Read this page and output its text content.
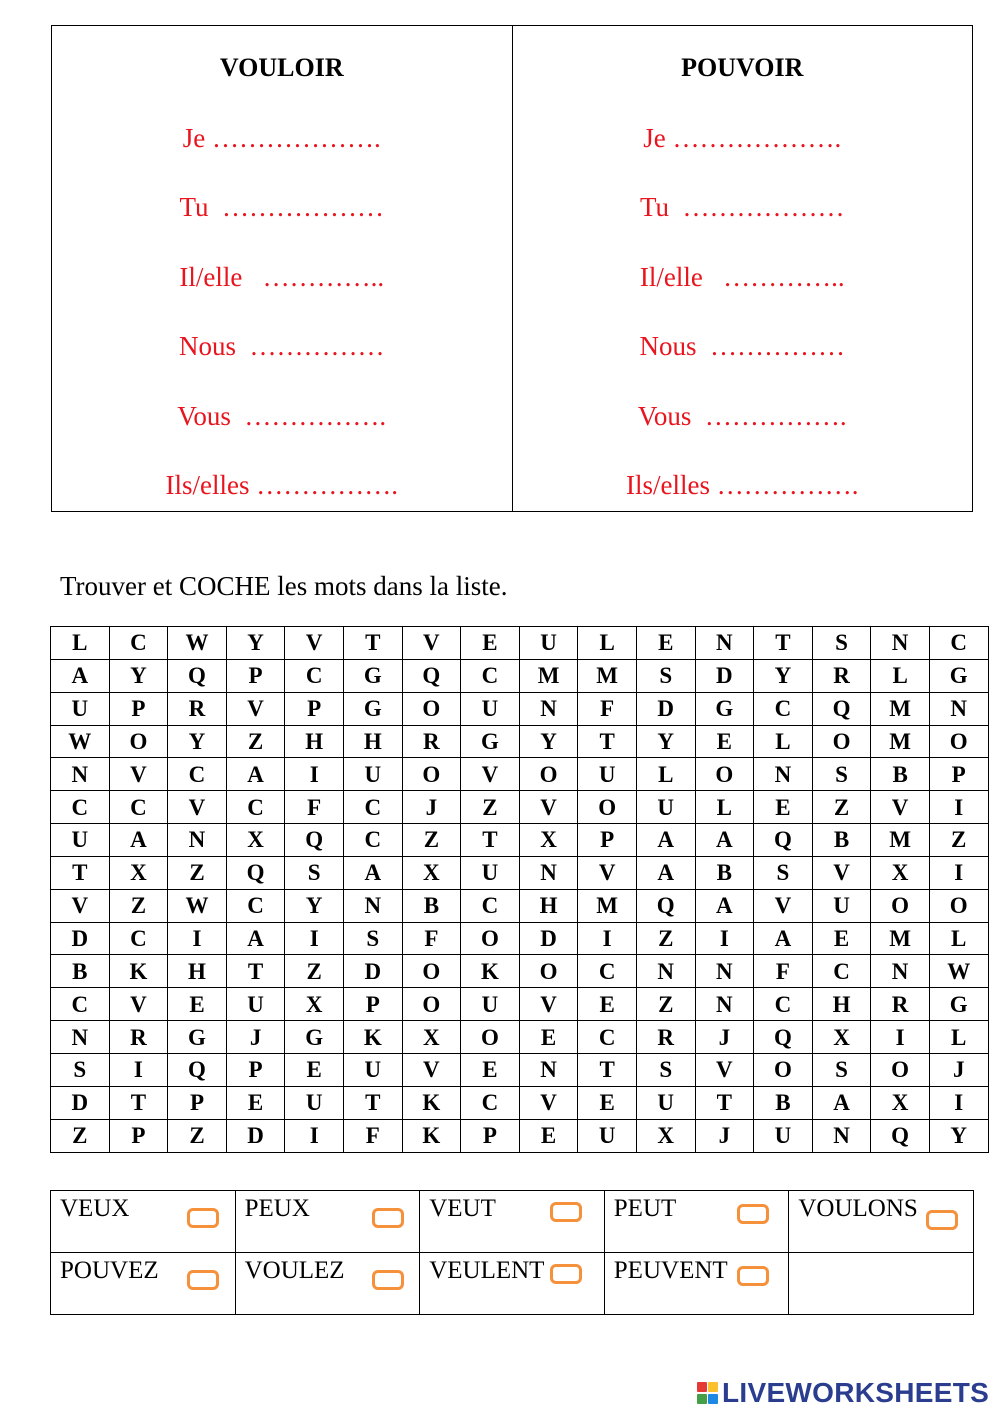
VOULOIR
Je ……………….
Tu  ………………
Il/elle   …………..
Nous  ……………
Vous  …………….
Ils/elles …………….
POUVOIR
Je ……………….
Tu  ………………
Il/elle   …………..
Nous  ……………
Vous  …………….
Ils/elles …………….
Trouver et COCHE les mots dans la liste.
L	C	W	Y	V	T	V	E	U	L	E	N	T	S	N	C
A	Y	Q	P	C	G	Q	C	M	M	S	D	Y	R	L	G
U	P	R	V	P	G	O	U	N	F	D	G	C	Q	M	N
W	O	Y	Z	H	H	R	G	Y	T	Y	E	L	O	M	O
N	V	C	A	I	U	O	V	O	U	L	O	N	S	B	P
C	C	V	C	F	C	J	Z	V	O	U	L	E	Z	V	I
U	A	N	X	Q	C	Z	T	X	P	A	A	Q	B	M	Z
T	X	Z	Q	S	A	X	U	N	V	A	B	S	V	X	I
V	Z	W	C	Y	N	B	C	H	M	Q	A	V	U	O	O
D	C	I	A	I	S	F	O	D	I	Z	I	A	E	M	L
B	K	H	T	Z	D	O	K	O	C	N	N	F	C	N	W
C	V	E	U	X	P	O	U	V	E	Z	N	C	H	R	G
N	R	G	J	G	K	X	O	E	C	R	J	Q	X	I	L
S	I	Q	P	E	U	V	E	N	T	S	V	O	S	O	J
D	T	P	E	U	T	K	C	V	E	U	T	B	A	X	I
Z	P	Z	D	I	F	K	P	E	U	X	J	U	N	Q	Y
VEUX	PEUX	VEUT	PEUT	VOULONS

POUVEZ	VOULEZ	VEULENT	PEUVENT	

LIVEWORKSHEETS
